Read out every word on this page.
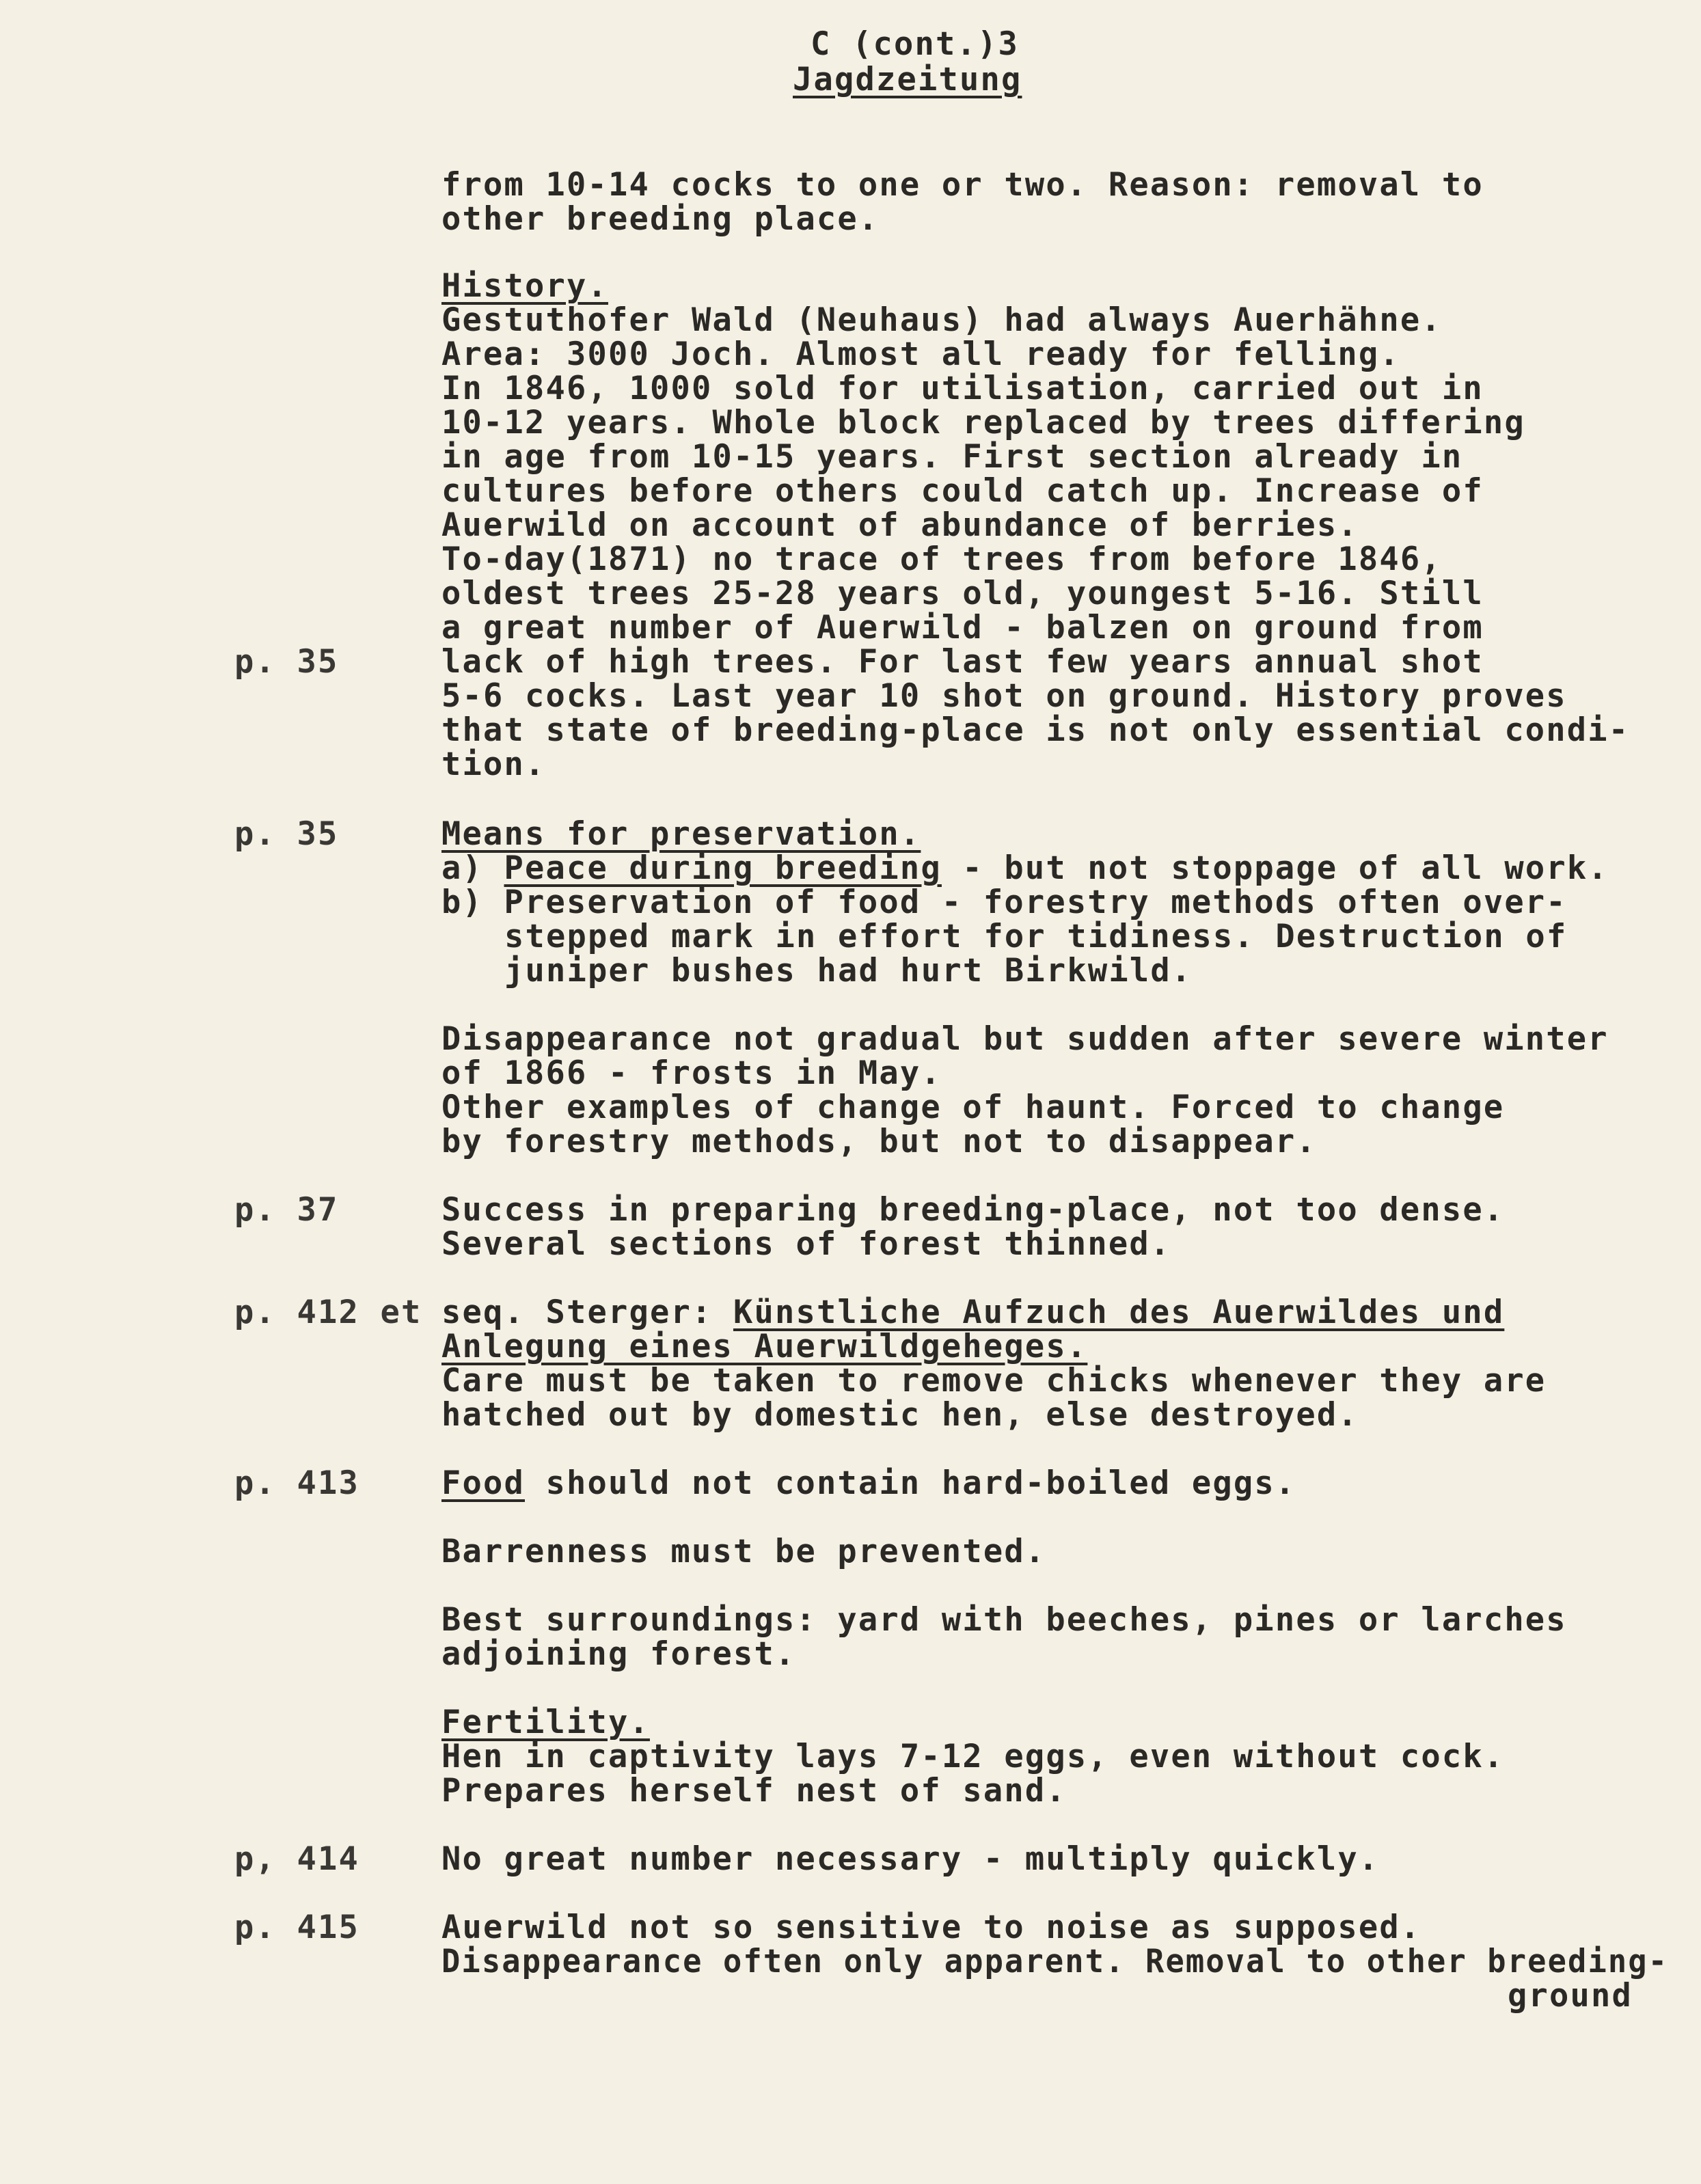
C (cont.)3
Jagdzeitung
from 10-14 cocks to one or two. Reason: removal to
other breeding place.
History.
Gestuthofer Wald (Neuhaus) had always Auerhähne.
Area: 3000 Joch. Almost all ready for felling.
In 1846, 1000 sold for utilisation, carried out in
10-12 years. Whole block replaced by trees differing
in age from 10-15 years. First section already in
cultures before others could catch up. Increase of
Auerwild on account of abundance of berries.
To-day(1871) no trace of trees from before 1846,
oldest trees 25-28 years old, youngest 5-16. Still
a great number of Auerwild - balzen on ground from
p. 35	lack of high trees. For last few years annual shot
5-6 cocks. Last year 10 shot on ground. History proves
that state of breeding-place is not only essential condi-
tion.
p. 35	Means for preservation.
a) Peace during breeding - but not stoppage of all work.
b) Preservation of food - forestry methods often over-
stepped mark in effort for tidiness. Destruction of
juniper bushes had hurt Birkwild.
Disappearance not gradual but sudden after severe winter
of 1866 - frosts in May.
Other examples of change of haunt. Forced to change
by forestry methods, but not to disappear.
p. 37	Success in preparing breeding-place, not too dense.
Several sections of forest thinned.
p. 412 et seq. Sterger: Künstliche Aufzuch des Auerwildes und
Anlegung eines Auerwildgeheges.
Care must be taken to remove chicks whenever they are
hatched out by domestic hen, else destroyed.
p. 413	Food should not contain hard-boiled eggs.
Barrenness must be prevented.
Best surroundings: yard with beeches, pines or larches
adjoining forest.
Fertility.
Hen in captivity lays 7-12 eggs, even without cock.
Prepares herself nest of sand.
p, 414	No great number necessary - multiply quickly.
p. 415	Auerwild not so sensitive to noise as supposed.
Disappearance often only apparent. Removal to other breeding-
ground
